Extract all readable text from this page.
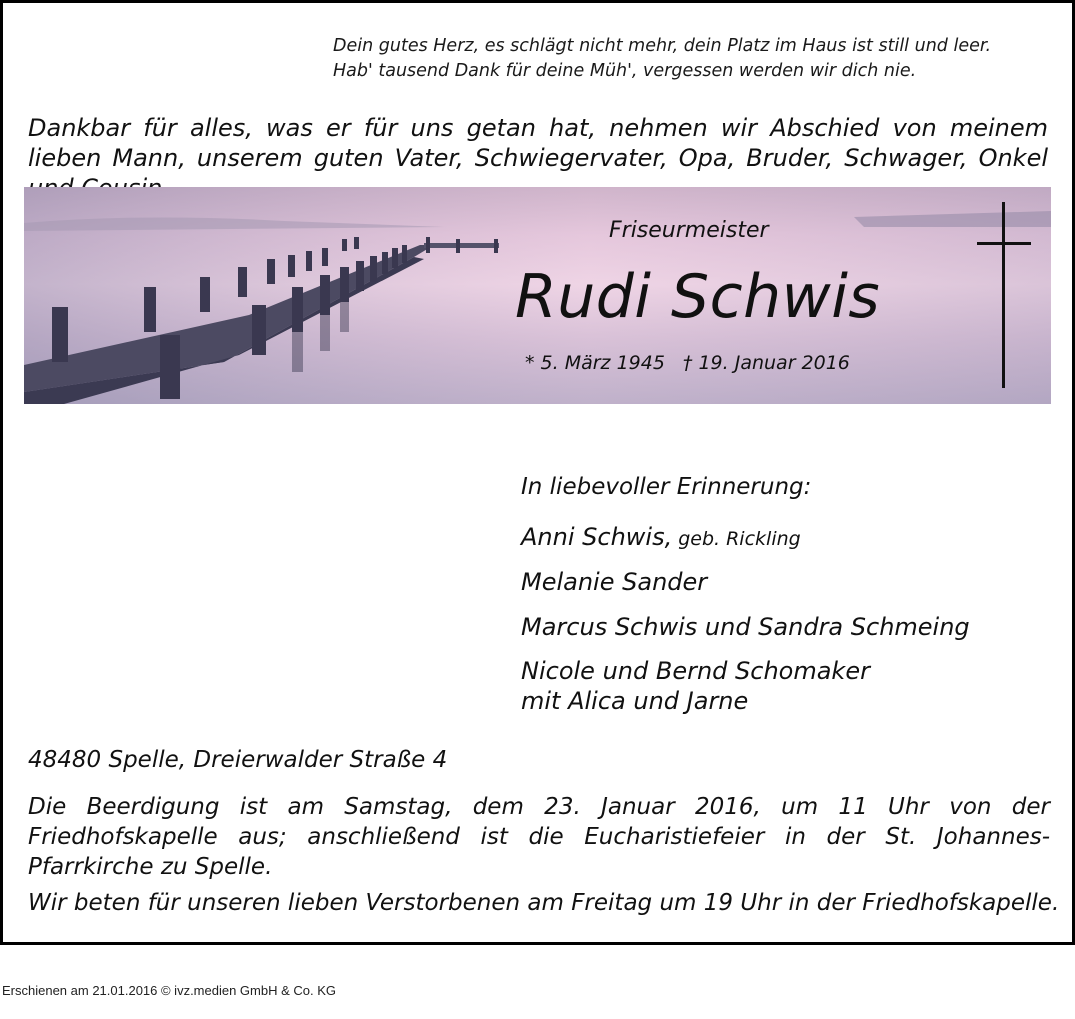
Dein gutes Herz, es schlägt nicht mehr, dein Platz im Haus ist still und leer.
Hab' tausend Dank für deine Müh', vergessen werden wir dich nie.
Dankbar für alles, was er für uns getan hat, nehmen wir Abschied von meinem lieben Mann, unserem guten Vater, Schwiegervater, Opa, Bruder, Schwager, Onkel
Friseurmeister
Rudi Schwis
* 5. März 1945 † 19. Januar 2016
In liebevoller Erinnerung:
Anni Schwis, geb. Rickling
Melanie Sander
Marcus Schwis und Sandra Schmeing
Nicole und Bernd Schomaker
mit Alica und Jarne
48480 Spelle, Dreierwalder Straße 4
Die Beerdigung ist am Samstag, dem 23. Januar 2016, um 11 Uhr von der Friedhofskapelle aus; anschließend ist die Eucharistiefeier in der St. Johannes-Pfarrkirche zu Spelle.
Wir beten für unseren lieben Verstorbenen am Freitag um 19 Uhr in der Friedhofskapelle.
Erschienen am 21.01.2016 © ivz.medien GmbH & Co. KG
